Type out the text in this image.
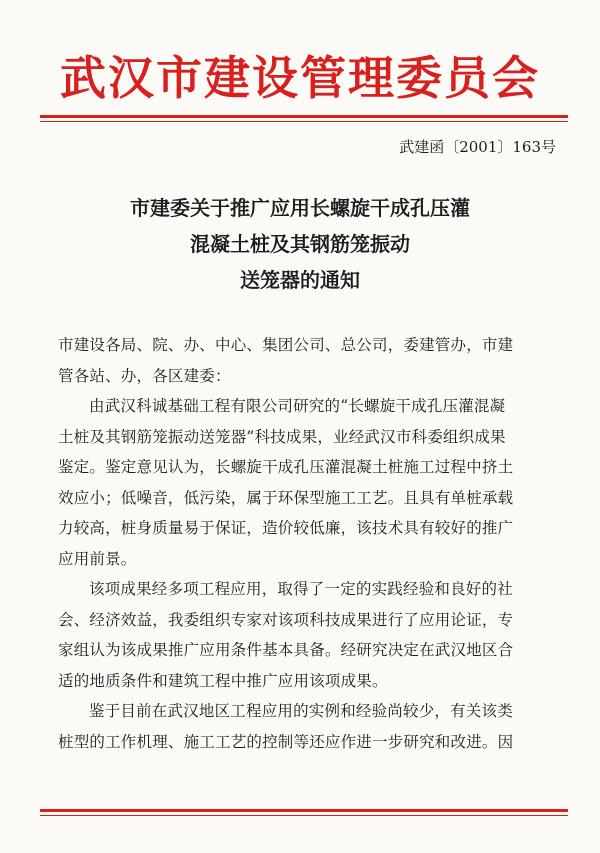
武汉市建设管理委员会
武建函〔2001〕163号
市建委关于推广应用长螺旋干成孔压灌
混凝土桩及其钢筋笼振动
送笼器的通知

市建设各局、院、办、中心、集团公司、总公司，委建管办，市建
管各站、办，各区建委：

由武汉科诚基础工程有限公司研究的“长螺旋干成孔压灌混凝
土桩及其钢筋笼振动送笼器”科技成果，业经武汉市科委组织成果
鉴定。鉴定意见认为，长螺旋干成孔压灌混凝土桩施工过程中挤土
效应小；低噪音，低污染，属于环保型施工工艺。且具有单桩承载
力较高，桩身质量易于保证，造价较低廉，该技术具有较好的推广
应用前景。

该项成果经多项工程应用，取得了一定的实践经验和良好的社
会、经济效益，我委组织专家对该项科技成果进行了应用论证，专
家组认为该成果推广应用条件基本具备。经研究决定在武汉地区合
适的地质条件和建筑工程中推广应用该项成果。

鉴于目前在武汉地区工程应用的实例和经验尚较少，有关该类
桩型的工作机理、施工工艺的控制等还应作进一步研究和改进。因
